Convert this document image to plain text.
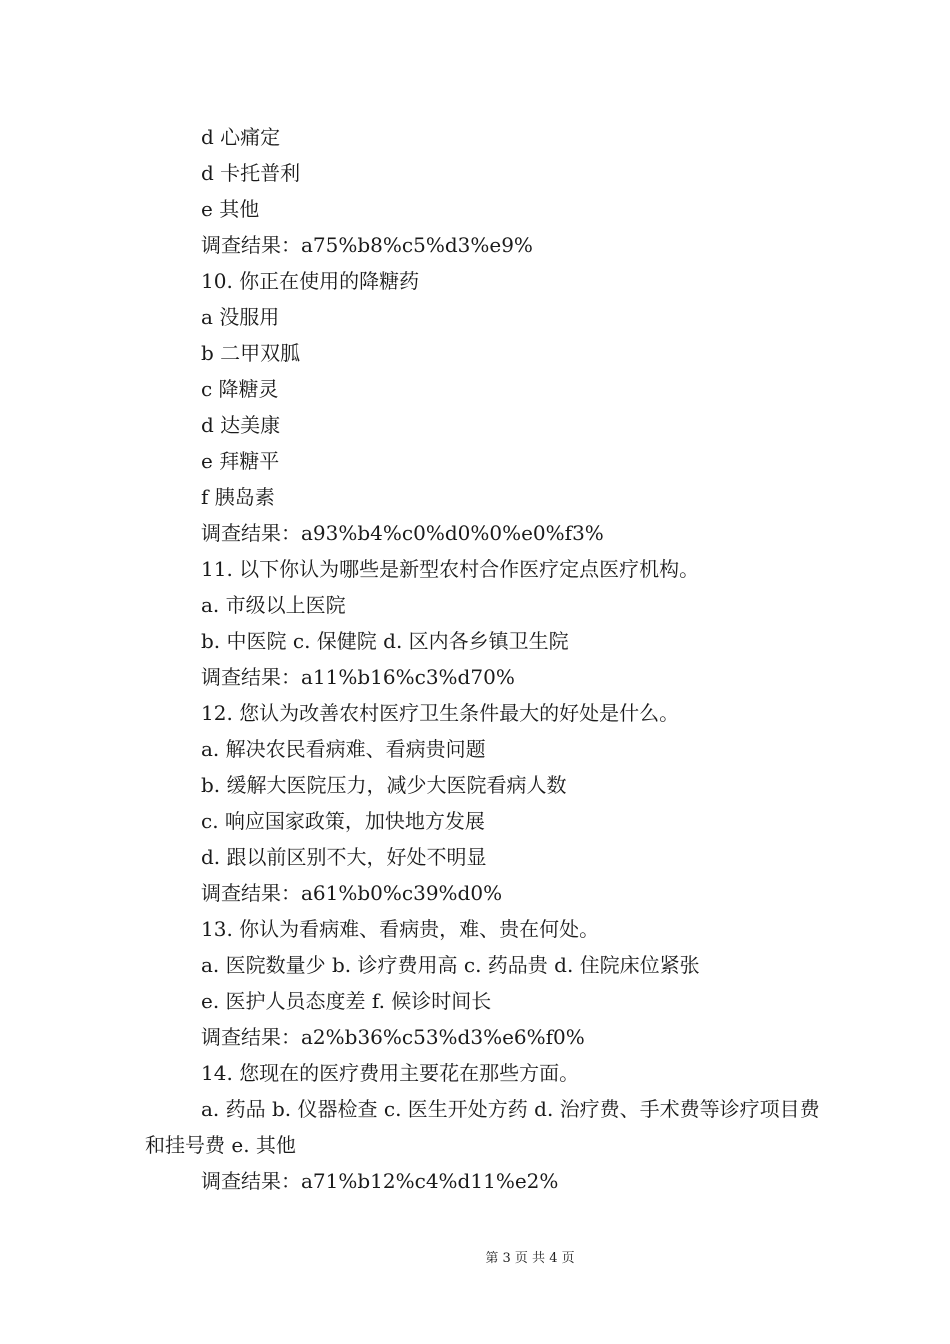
d 心痛定
d 卡托普利
e 其他
调查结果：a75%b8%c5%d3%e9%
10. 你正在使用的降糖药
a 没服用
b 二甲双胍
c 降糖灵
d 达美康
e 拜糖平
f 胰岛素
调查结果：a93%b4%c0%d0%0%e0%f3%
11. 以下你认为哪些是新型农村合作医疗定点医疗机构。
a. 市级以上医院
b. 中医院 c. 保健院 d. 区内各乡镇卫生院
调查结果：a11%b16%c3%d70%
12. 您认为改善农村医疗卫生条件最大的好处是什么。
a. 解决农民看病难、看病贵问题
b. 缓解大医院压力，减少大医院看病人数
c. 响应国家政策，加快地方发展
d. 跟以前区别不大，好处不明显
调查结果：a61%b0%c39%d0%
13. 你认为看病难、看病贵，难、贵在何处。
a. 医院数量少 b. 诊疗费用高 c. 药品贵 d. 住院床位紧张
e. 医护人员态度差 f. 候诊时间长
调查结果：a2%b36%c53%d3%e6%f0%
14. 您现在的医疗费用主要花在那些方面。
a. 药品 b. 仪器检查 c. 医生开处方药 d. 治疗费、手术费等诊疗项目费和挂号费 e. 其他
调查结果：a71%b12%c4%d11%e2%
第 3 页 共 4 页
